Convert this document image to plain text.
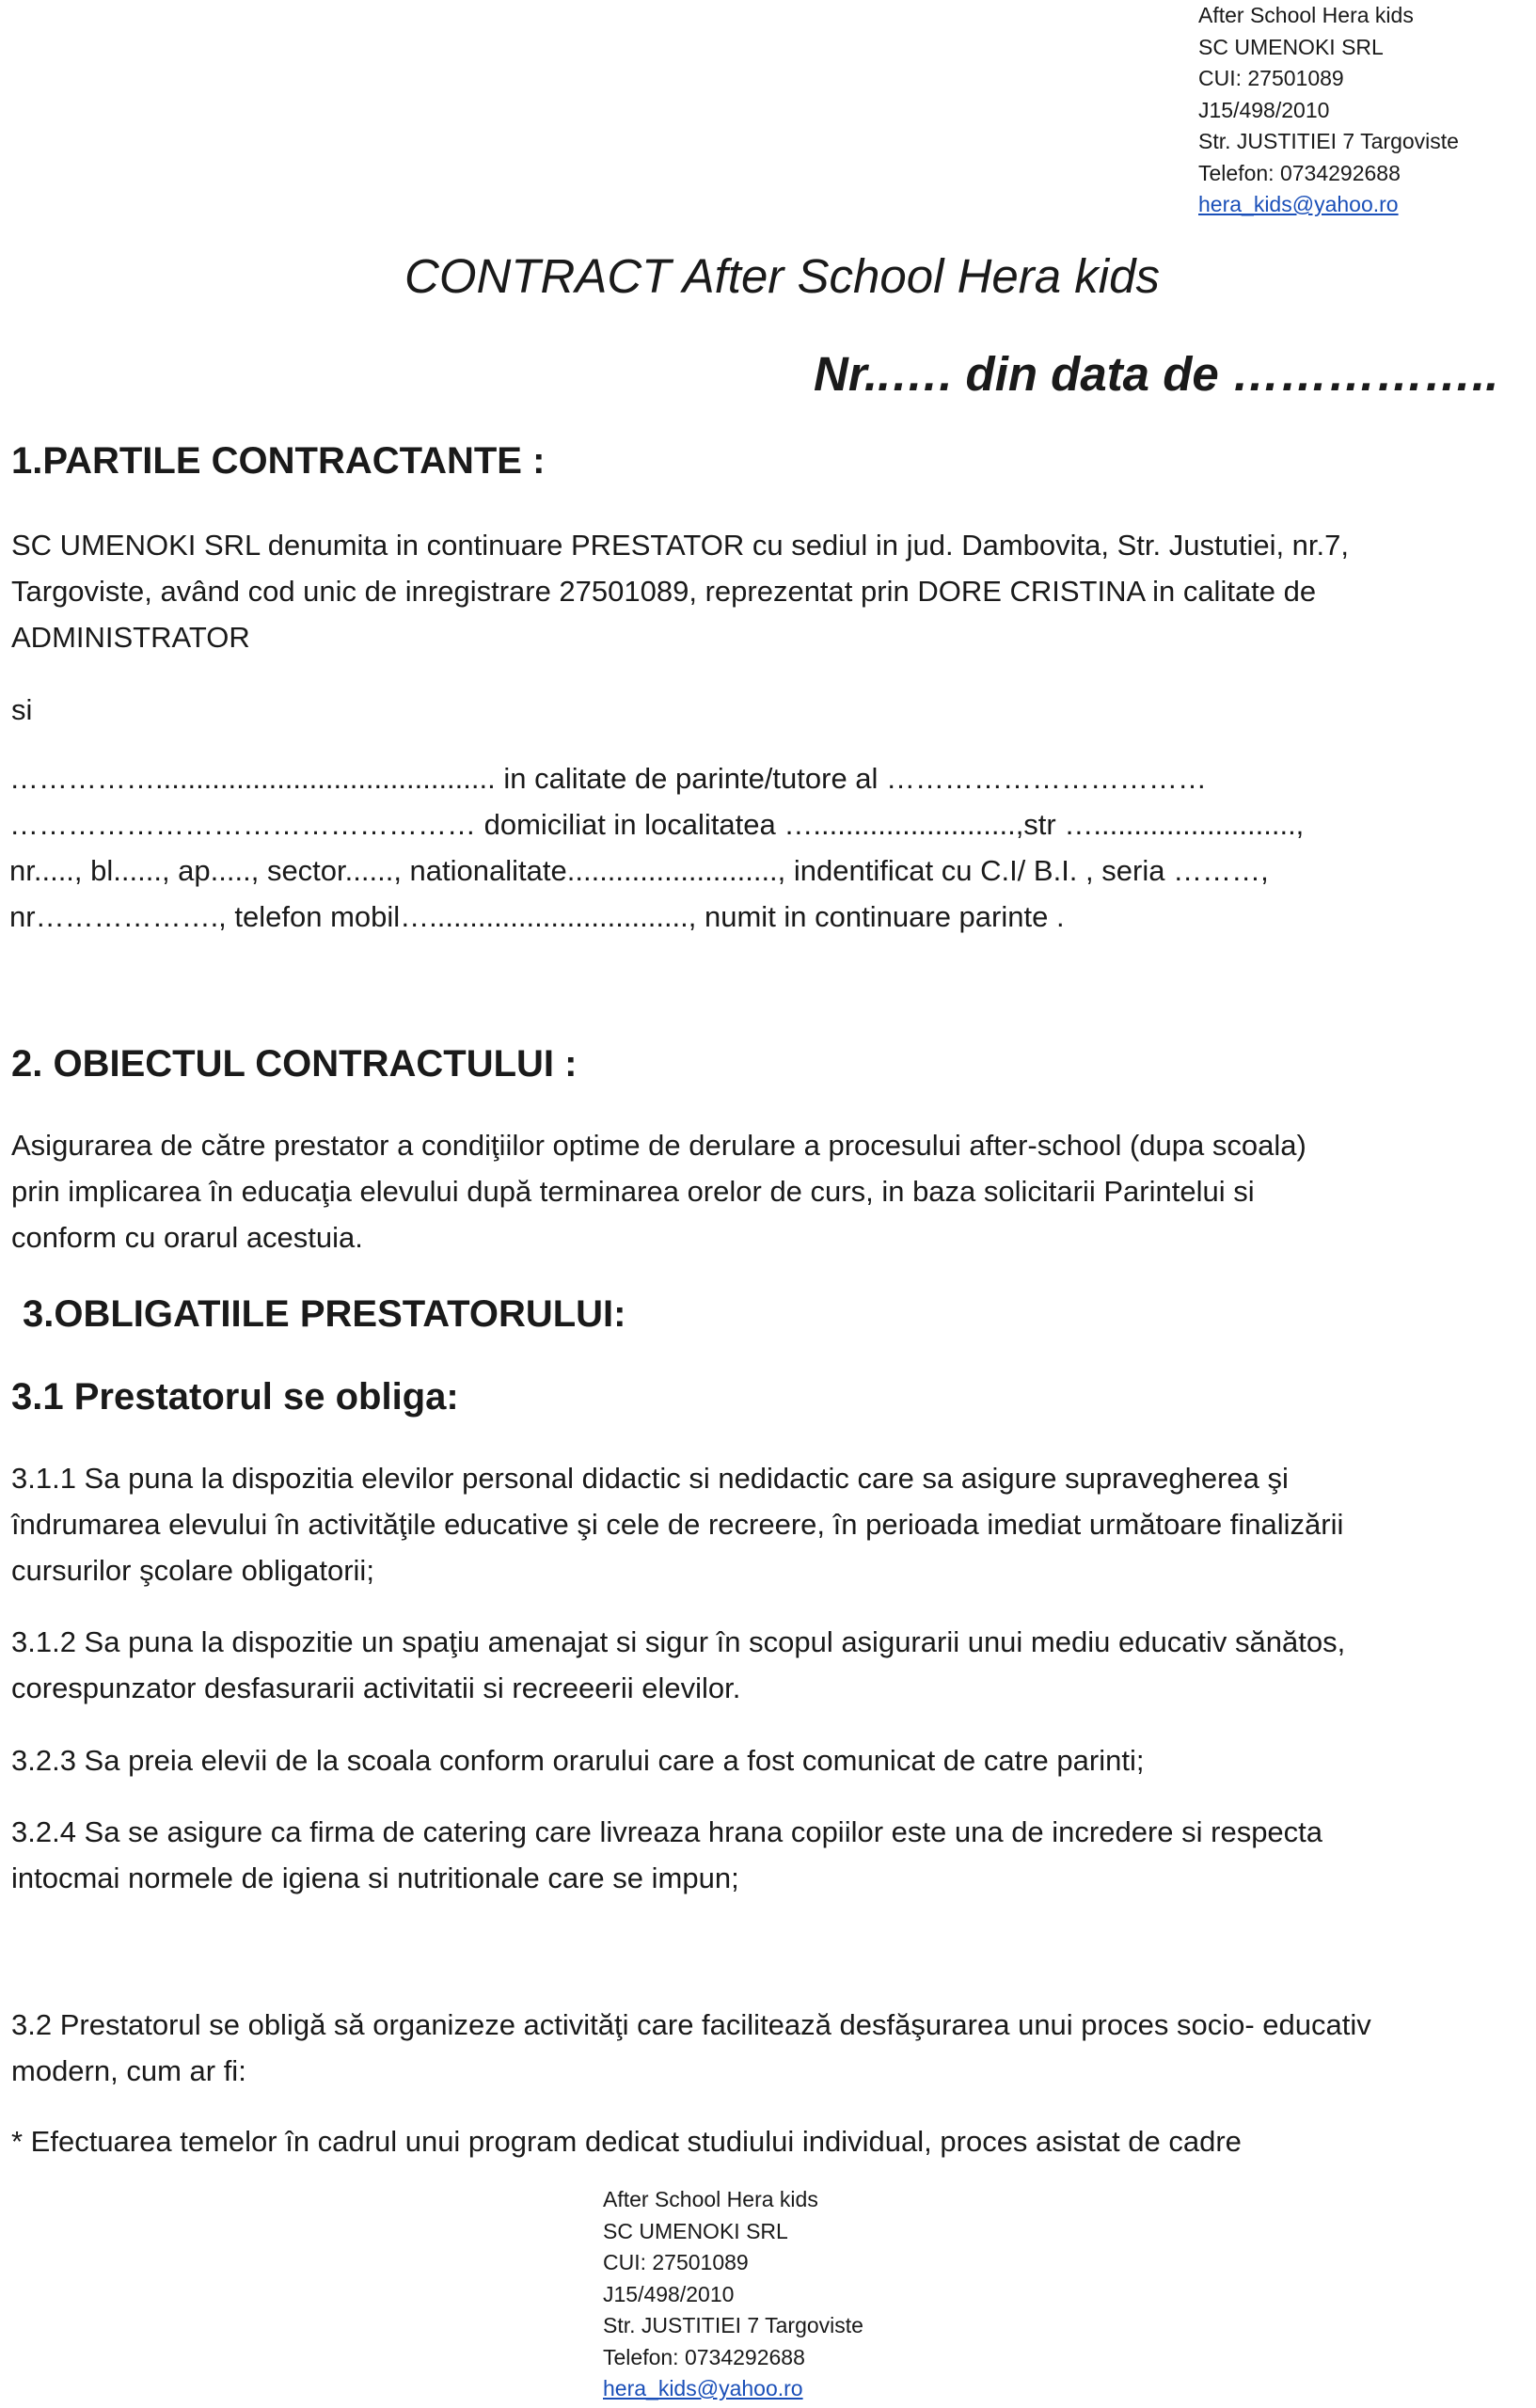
After School Hera kids
SC UMENOKI SRL
CUI: 27501089
J15/498/2010
Str. JUSTITIEI 7 Targoviste
Telefon: 0734292688
hera_kids@yahoo.ro
CONTRACT After School Hera kids
Nr..…. din data de ……………..
1.PARTILE CONTRACTANTE :

SC UMENOKI SRL denumita in continuare PRESTATOR cu sediul in jud. Dambovita, Str. Justutiei, nr.7,
Targoviste, având cod unic de inregistrare 27501089, reprezentat prin DORE CRISTINA in calitate de
ADMINISTRATOR

si

…………….......................................... in calitate de parinte/tutore al ……………………………
………………………………………… domiciliat in localitatea ….........................,str ….........................,
nr....., bl......, ap....., sector......, nationalitate.........................., indentificat cu C.I/ B.I. , seria ………,
nr………………., telefon mobil…................................, numit in continuare parinte .

2. OBIECTUL CONTRACTULUI :

Asigurarea de către prestator a condiţiilor optime de derulare a procesului after-school (dupa scoala)
prin implicarea în educaţia elevului după terminarea orelor de curs, in baza solicitarii Parintelui si
conform cu orarul acestuia.

3.OBLIGATIILE PRESTATORULUI:
3.1 Prestatorul se obliga:

3.1.1 Sa puna la dispozitia elevilor personal didactic si nedidactic care sa asigure supravegherea şi
îndrumarea elevului în activităţile educative şi cele de recreere, în perioada imediat următoare finalizării
cursurilor şcolare obligatorii;

3.1.2 Sa puna la dispozitie un spaţiu amenajat si sigur în scopul asigurarii unui mediu educativ sănătos,
corespunzator desfasurarii activitatii si recreeerii elevilor.

3.2.3 Sa preia elevii de la scoala conform orarului care a fost comunicat de catre parinti;

3.2.4 Sa se asigure ca firma de catering care livreaza hrana copiilor este una de incredere si respecta
intocmai normele de igiena si nutritionale care se impun;

3.2 Prestatorul se obligă să organizeze activităţi care facilitează desfăşurarea unui proces socio- educativ
modern, cum ar fi:

* Efectuarea temelor în cadrul unui program dedicat studiului individual, proces asistat de cadre

After School Hera kids
SC UMENOKI SRL
CUI: 27501089
J15/498/2010
Str. JUSTITIEI 7 Targoviste
Telefon: 0734292688
hera_kids@yahoo.ro
